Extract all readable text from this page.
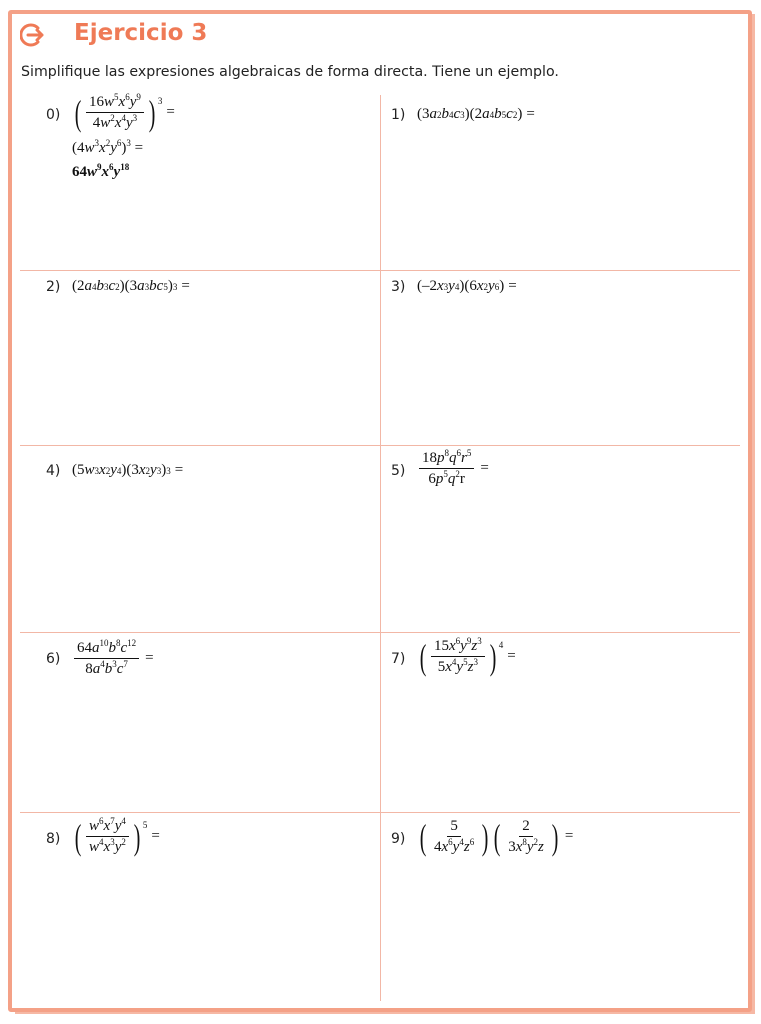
Ejercicio 3

Simplifique las expresiones algebraicas de forma directa. Tiene un ejemplo.

0) ( $\frac{16w^5x^6y^9}{4w^2x^4y^3}$ ) 3
=
$(4w^3x^2y^6)^3$ =
$64w^9x^6y^{18}$
1) (3 a 2 b 4 c 3 )(2 a 4 b 5 c 2 ) =
2) (2 a 4 b 3 c 2 )(3 a 3 bc 5 ) 3 =	3) (–2 x 3 y 4 )(6 x 2 y 6 ) =
4) (5 w 3 x 2 y 4 )(3 x 2 y 3 ) 3 =	$5) \frac{18p^8q^6r^5}{6p^5q^2r}$ =
$6) \frac{64a^{10}b^8c^{12}}{8a^4b^3c^7}$ =	7) ( $\frac{15x^6y^9z^3}{5x^4y^5z^3}$ ) 4
=
8) ( $\frac{w^6x^7y^4}{w^4x^3y^2}$ ) 5
=	9) ( $\frac{5}{4x^6y^4z^6}$ ) ( $\frac{2}{3x^8y^2z}$ ) =
